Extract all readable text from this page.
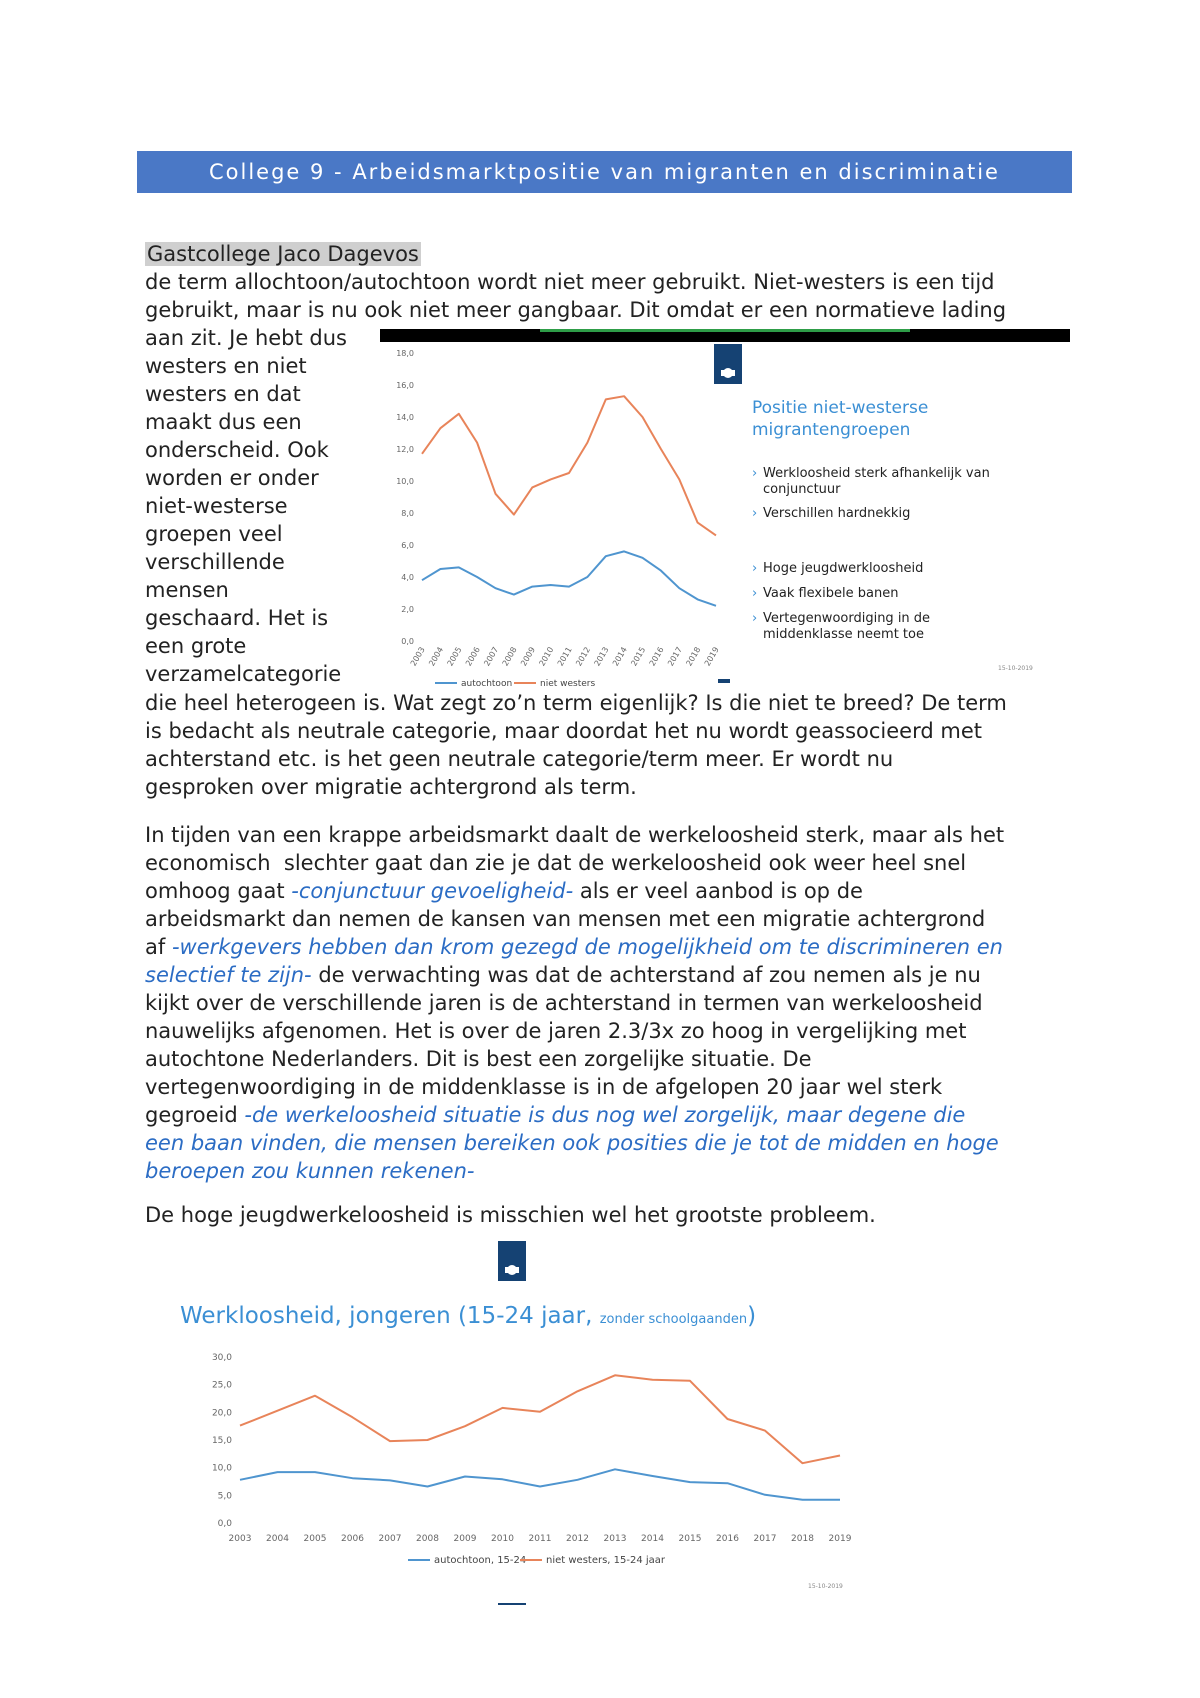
College 9 - Arbeidsmarktpositie van migranten en discriminatie
Gastcollege Jaco Dagevos
de term allochtoon/autochtoon wordt niet meer gebruikt. Niet-westers is een tijd
gebruikt, maar is nu ook niet meer gangbaar. Dit omdat er een normatieve lading
aan zit. Je hebt dus
westers en niet
westers en dat
maakt dus een
onderscheid. Ook
worden er onder
niet-westerse
groepen veel
verschillende
mensen
geschaard. Het is
een grote
verzamelcategorie
die heel heterogeen is. Wat zegt zo’n term eigenlijk? Is die niet te breed? De term
is bedacht als neutrale categorie, maar doordat het nu wordt geassocieerd met
achterstand etc. is het geen neutrale categorie/term meer. Er wordt nu
gesproken over migratie achtergrond als term.
0,0
2,0
4,0
6,0
8,0
10,0
12,0
14,0
16,0
18,0
2003 2004 2005 2006 2007 2008 2009 2010 2011 2012 2013 2014 2015 2016 2017 2018 2019
autochtoon	niet westers
Positie niet-westerse
migrantengroepen
› Werkloosheid sterk afhankelijk van
conjunctuur
› Verschillen hardnekkig
› Hoge jeugdwerkloosheid
› Vaak flexibele banen
› Vertegenwoordiging in de
middenklasse neemt toe
15-10-2019
In tijden van een krappe arbeidsmarkt daalt de werkeloosheid sterk, maar als het
economisch  slechter gaat dan zie je dat de werkeloosheid ook weer heel snel
omhoog gaat -conjunctuur gevoeligheid- als er veel aanbod is op de
arbeidsmarkt dan nemen de kansen van mensen met een migratie achtergrond
af -werkgevers hebben dan krom gezegd de mogelijkheid om te discrimineren en
selectief te zijn- de verwachting was dat de achterstand af zou nemen als je nu
kijkt over de verschillende jaren is de achterstand in termen van werkeloosheid
nauwelijks afgenomen. Het is over de jaren 2.3/3x zo hoog in vergelijking met
autochtone Nederlanders. Dit is best een zorgelijke situatie. De
vertegenwoordiging in de middenklasse is in de afgelopen 20 jaar wel sterk
gegroeid -de werkeloosheid situatie is dus nog wel zorgelijk, maar degene die
een baan vinden, die mensen bereiken ook posities die je tot de midden en hoge
beroepen zou kunnen rekenen-
De hoge jeugdwerkeloosheid is misschien wel het grootste probleem.
Werkloosheid, jongeren (15-24 jaar, zonder schoolgaanden)
0,0
5,0
10,0
15,0
20,0
25,0
30,0
2003 2004 2005 2006 2007 2008 2009 2010 2011 2012 2013 2014 2015 2016 2017 2018 2019
autochtoon, 15-24 niet westers, 15-24 jaar
15-10-2019
